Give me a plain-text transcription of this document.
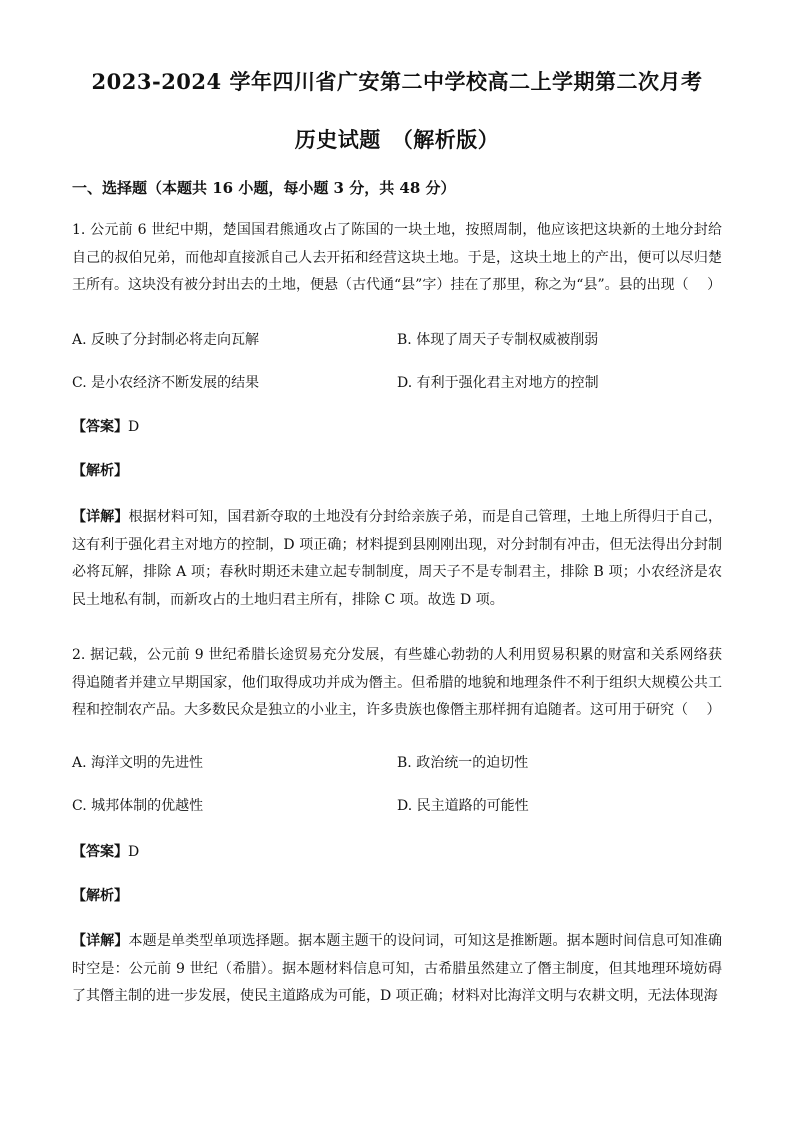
2023-2024 学年四川省广安第二中学校高二上学期第二次月考
历史试题　（解析版）
一、选择题（本题共 16 小题，每小题 3 分，共 48 分）
1. 公元前 6 世纪中期，楚国国君熊通攻占了陈国的一块土地，按照周制，他应该把这块新的土地分封给自己的叔伯兄弟，而他却直接派自己人去开拓和经营这块土地。于是，这块土地上的产出，便可以尽归楚王所有。这块没有被分封出去的土地，便悬（古代通“县”字）挂在了那里，称之为“县”。县的出现（　 ）
A. 反映了分封制必将走向瓦解	B. 体现了周天子专制权威被削弱
C. 是小农经济不断发展的结果	D. 有利于强化君主对地方的控制
【答案】D
【解析】
【详解】根据材料可知，国君新夺取的土地没有分封给亲族子弟，而是自己管理，土地上所得归于自己，这有利于强化君主对地方的控制，D 项正确；材料提到县刚刚出现，对分封制有冲击，但无法得出分封制必将瓦解，排除 A 项；春秋时期还未建立起专制制度，周天子不是专制君主，排除 B 项；小农经济是农民土地私有制，而新攻占的土地归君主所有，排除 C 项。故选 D 项。
2. 据记载，公元前 9 世纪希腊长途贸易充分发展，有些雄心勃勃的人利用贸易积累的财富和关系网络获得追随者并建立早期国家，他们取得成功并成为僭主。但希腊的地貌和地理条件不利于组织大规模公共工程和控制农产品。大多数民众是独立的小业主，许多贵族也像僭主那样拥有追随者。这可用于研究（　 ）
A. 海洋文明的先进性	B. 政治统一的迫切性
C. 城邦体制的优越性	D. 民主道路的可能性
【答案】D
【解析】
【详解】本题是单类型单项选择题。据本题主题干的设问词，可知这是推断题。据本题时间信息可知准确时空是：公元前 9 世纪（希腊）。据本题材料信息可知，古希腊虽然建立了僭主制度，但其地理环境妨碍了其僭主制的进一步发展，使民主道路成为可能，D 项正确；材料对比海洋文明与农耕文明，无法体现海
